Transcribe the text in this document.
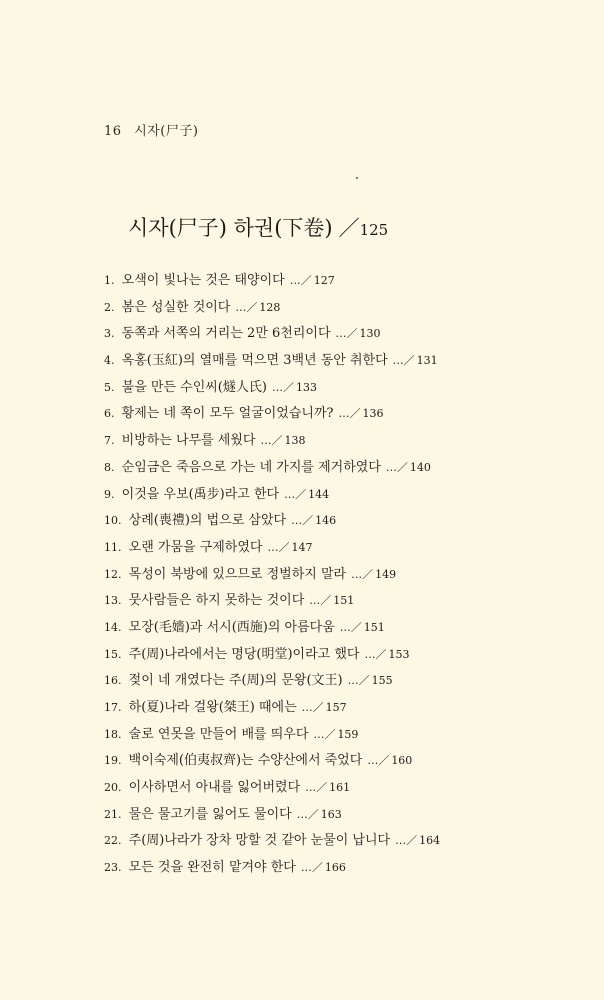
16 시자(尸子)
시자(尸子) 하권(下卷) ／125
1. 오색이 빛나는 것은 태양이다 …／ 127
2. 봄은 성실한 것이다 …／ 128
3. 동쪽과 서쪽의 거리는 2만 6천리이다 …／ 130
4. 옥홍(玉紅)의 열매를 먹으면 3백년 동안 취한다 …／ 131
5. 불을 만든 수인씨(燧人氏) …／ 133
6. 황제는 네 쪽이 모두 얼굴이었습니까? …／ 136
7. 비방하는 나무를 세웠다 …／ 138
8. 순임금은 죽음으로 가는 네 가지를 제거하였다 …／ 140
9. 이것을 우보(禹步)라고 한다 …／ 144
10. 상례(喪禮)의 법으로 삼았다 …／ 146
11. 오랜 가뭄을 구제하였다 …／ 147
12. 목성이 북방에 있으므로 정벌하지 말라 …／ 149
13. 뭇사람들은 하지 못하는 것이다 …／ 151
14. 모장(毛嬙)과 서시(西施)의 아름다움 …／ 151
15. 주(周)나라에서는 명당(明堂)이라고 했다 …／ 153
16. 젖이 네 개였다는 주(周)의 문왕(文王) …／ 155
17. 하(夏)나라 걸왕(桀王) 때에는 …／ 157
18. 술로 연못을 만들어 배를 띄우다 …／ 159
19. 백이숙제(伯夷叔齊)는 수양산에서 죽었다 …／ 160
20. 이사하면서 아내를 잃어버렸다 …／ 161
21. 물은 물고기를 잃어도 물이다 …／ 163
22. 주(周)나라가 장차 망할 것 같아 눈물이 납니다 …／ 164
23. 모든 것을 완전히 맡겨야 한다 …／ 166
